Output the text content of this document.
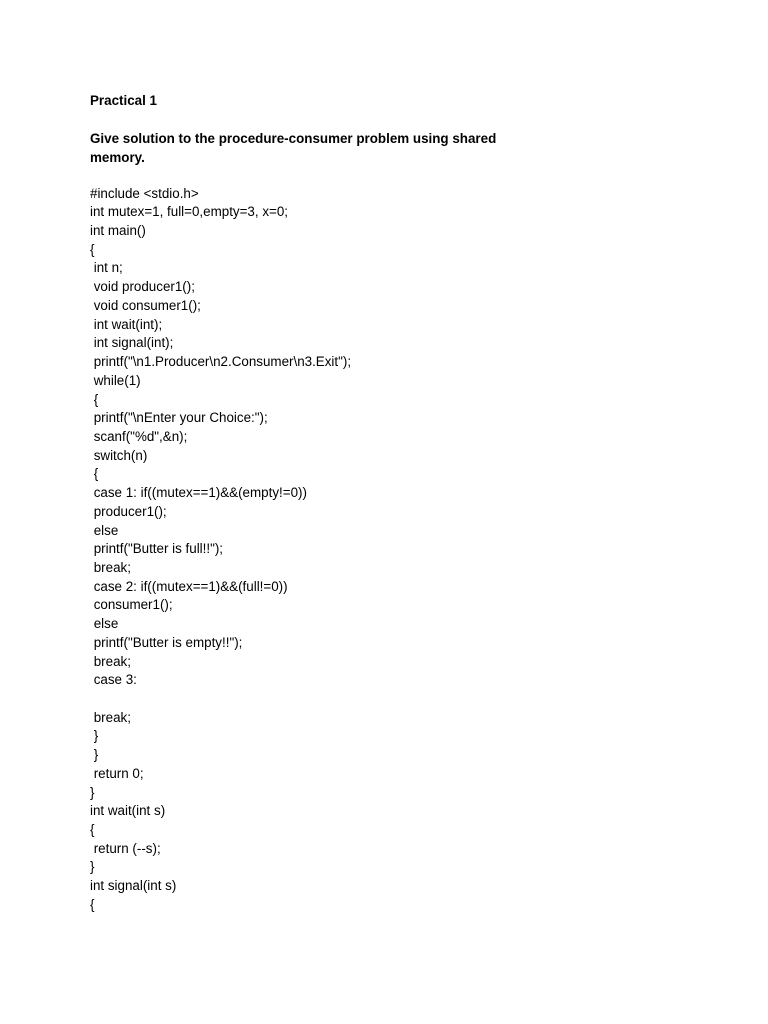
Practical 1

Give solution to the procedure-consumer problem using shared
memory.
#include <stdio.h>
int mutex=1, full=0,empty=3, x=0;
int main()
{
int n;
void producer1();
void consumer1();
int wait(int);
int signal(int);
printf("\n1.Producer\n2.Consumer\n3.Exit");
while(1)
{
printf("\nEnter your Choice:");
scanf("%d",&n);
switch(n)
{
case 1: if((mutex==1)&&(empty!=0))
producer1();
else
printf("Butter is full!!");
break;
case 2: if((mutex==1)&&(full!=0))
consumer1();
else
printf("Butter is empty!!");
break;
case 3:
break;
}
}
return 0;
}
int wait(int s)
{
return (--s);
}
int signal(int s)
{
